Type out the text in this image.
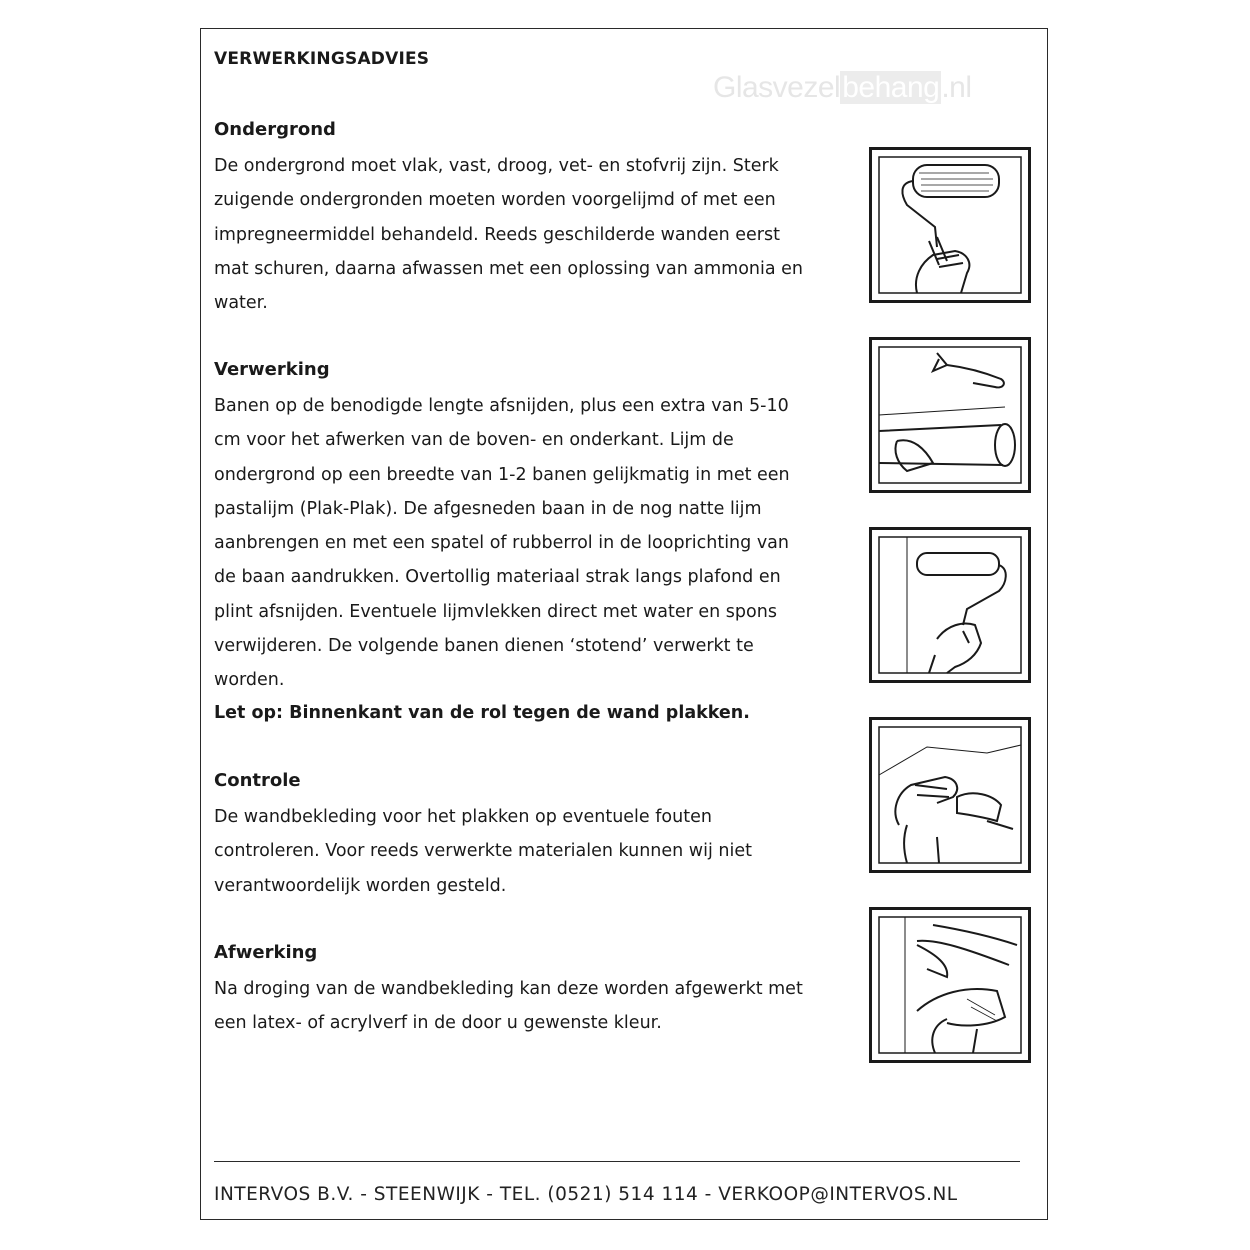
VERWERKINGSADVIES
Glasvezelbehang.nl
Ondergrond

De ondergrond moet vlak, vast, droog, vet- en stofvrij zijn. Sterk zuigende ondergronden moeten worden voorgelijmd of met een impregneermiddel behandeld. Reeds geschilderde wanden eerst mat schuren, daarna afwassen met een oplossing van ammonia en water.

Verwerking

Banen op de benodigde lengte afsnijden, plus een extra van 5-10 cm voor het afwerken van de boven- en onderkant. Lijm de ondergrond op een breedte van 1-2 banen gelijkmatig in met een pastalijm (Plak-Plak). De afgesneden baan in de nog natte lijm aanbrengen en met een spatel of rubberrol in de looprichting van de baan aandrukken. Overtollig materiaal strak langs plafond en plint afsnijden. Eventuele lijmvlekken direct met water en spons verwijderen. De volgende banen dienen ‘stotend’ verwerkt te worden.

Let op: Binnenkant van de rol tegen de wand plakken.

Controle

De wandbekleding voor het plakken op eventuele fouten controleren. Voor reeds verwerkte materialen kunnen wij niet verantwoordelijk worden gesteld.

Afwerking

Na droging van de wandbekleding kan deze worden afgewerkt met een latex- of acrylverf in de door u gewenste kleur.

INTERVOS B.V. - STEENWIJK - TEL. (0521) 514 114 - VERKOOP@INTERVOS.NL
